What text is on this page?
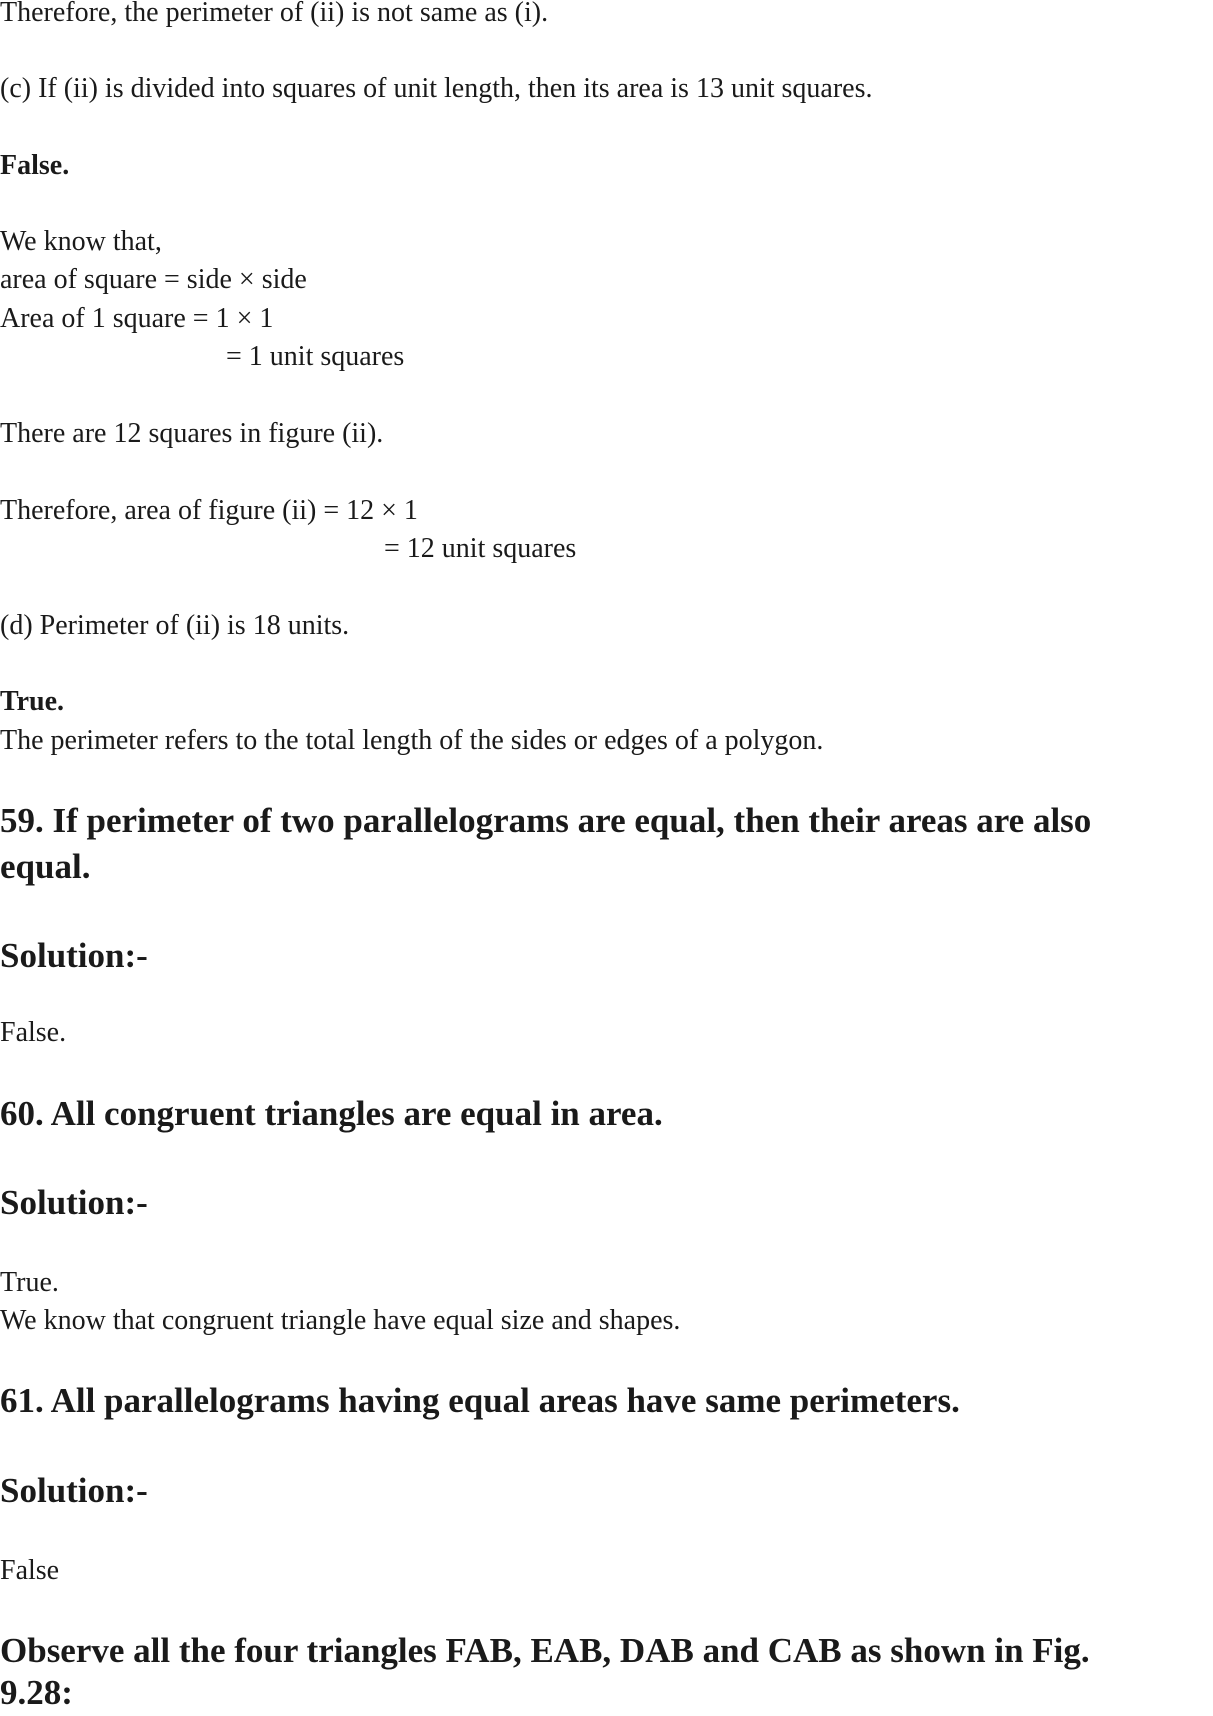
Therefore, the perimeter of (ii) is not same as (i).
(c) If (ii) is divided into squares of unit length, then its area is 13 unit squares.
False.
We know that,
area of square = side × side
Area of 1 square = 1 × 1
= 1 unit squares
There are 12 squares in figure (ii).
Therefore, area of figure (ii) = 12 × 1
= 12 unit squares
(d) Perimeter of (ii) is 18 units.
True.
The perimeter refers to the total length of the sides or edges of a polygon.
59. If perimeter of two parallelograms are equal, then their areas are also
equal.
Solution:-
False.
60. All congruent triangles are equal in area.
Solution:-
True.
We know that congruent triangle have equal size and shapes.
61. All parallelograms having equal areas have same perimeters.
Solution:-
False
Observe all the four triangles FAB, EAB, DAB and CAB as shown in Fig.
9.28:
